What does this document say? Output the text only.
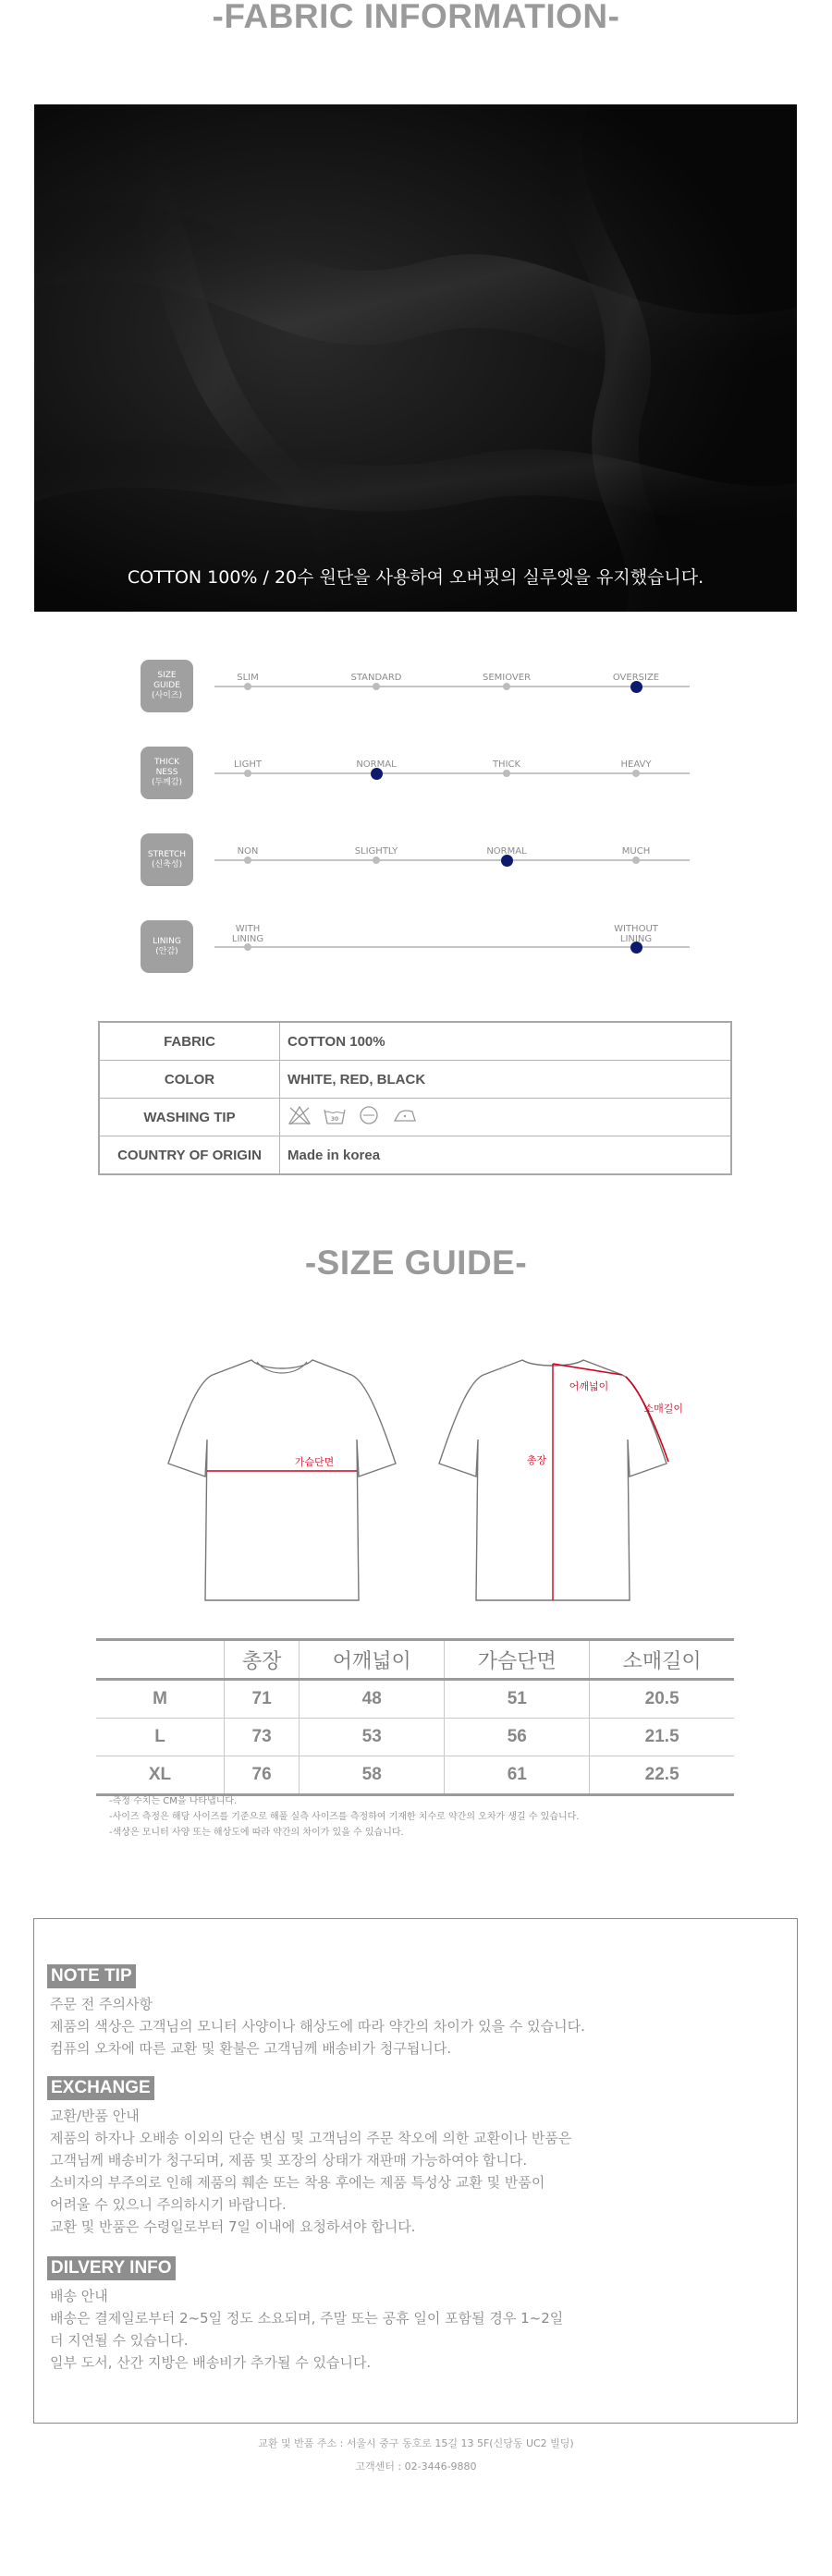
-FABRIC INFORMATION-
COTTON 100% / 20수 원단을 사용하여 오버핏의 실루엣을 유지했습니다.
SIZE
GUIDE
(사이즈)
SLIM	STANDARD	SEMIOVER	OVERSIZE
THICK
NESS
(두께감)
LIGHT	NORMAL	THICK	HEAVY
STRETCH
(신축성)
NON	SLIGHTLY	NORMAL	MUCH
LINING
(안감)
WITH LINING
WITHOUT LINING
FABRIC	COTTON 100%
COLOR	WHITE, RED, BLACK
WASHING TIP	30

COUNTRY OF ORIGIN	Made in korea
-SIZE GUIDE-
가슴단면	총장
어깨넓이
소매길이
	총장	어깨넓이	가슴단면	소매길이
M	71	48	51	20.5
L	73	53	56	21.5
XL	76	58	61	22.5
-측정 수치는 CM을 나타냅니다.
-사이즈 측정은 해당 사이즈를 기준으로 해풀 실측 사이즈를 측정하여 기재한 치수로 약간의 오차가 생길 수 있습니다.
-색상은 모니터 사양 또는 해상도에 따라 약간의 차이가 있을 수 있습니다.
NOTE TIP
주문 전 주의사항
제품의 색상은 고객님의 모니터 사양이나 해상도에 따라 약간의 차이가 있을 수 있습니다.
컴퓨의 오차에 따른 교환 및 환불은 고객님께 배송비가 청구됩니다.
EXCHANGE
교환/반품 안내
제품의 하자나 오배송 이외의 단순 변심 및 고객님의 주문 착오에 의한 교환이나 반품은
고객님께 배송비가 청구되며, 제품 및 포장의 상태가 재판매 가능하여야 합니다.
소비자의 부주의로 인해 제품의 훼손 또는 착용 후에는 제품 특성상 교환 및 반품이
어려울 수 있으니 주의하시기 바랍니다.
교환 및 반품은 수령일로부터 7일 이내에 요청하셔야 합니다.
DILVERY INFO
배송 안내
배송은 결제일로부터 2~5일 정도 소요되며, 주말 또는 공휴 일이 포함될 경우 1~2일
더 지연될 수 있습니다.
일부 도서, 산간 지방은 배송비가 추가될 수 있습니다.
교환 및 반품 주소 : 서울시 중구 동호로 15길 13 5F(신당동 UC2 빌딩)
고객센터 : 02-3446-9880
